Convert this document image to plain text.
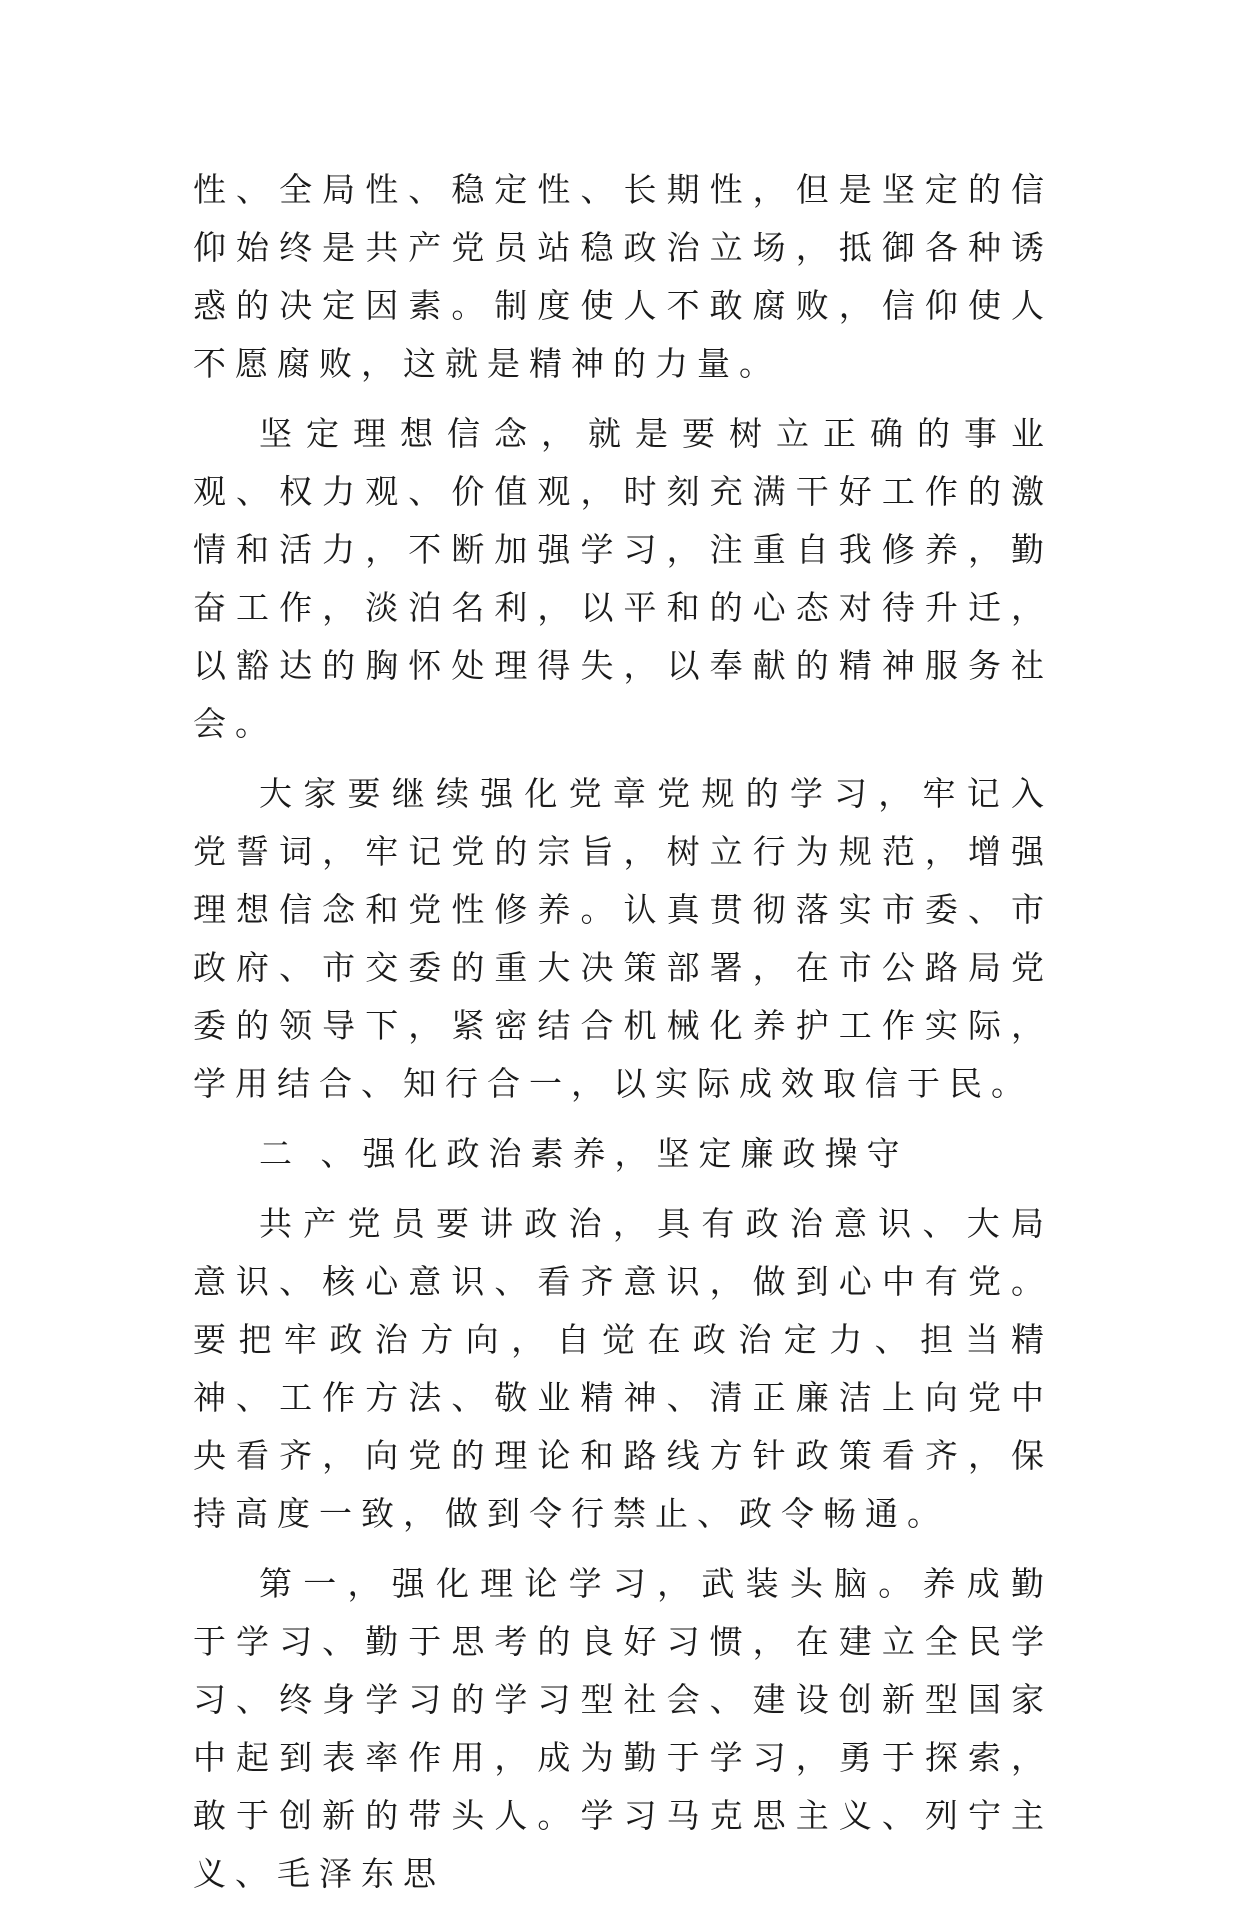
性、全局性、稳定性、长期性，但是坚定的信仰始终是共产党员站稳政治立场，抵御各种诱惑的决定因素。制度使人不敢腐败，信仰使人不愿腐败，这就是精神的力量。

坚定理想信念，就是要树立正确的事业观、权力观、价值观，时刻充满干好工作的激情和活力，不断加强学习，注重自我修养，勤奋工作，淡泊名利，以平和的心态对待升迁，以豁达的胸怀处理得失，以奉献的精神服务社会。

大家要继续强化党章党规的学习，牢记入党誓词，牢记党的宗旨，树立行为规范，增强理想信念和党性修养。认真贯彻落实市委、市政府、市交委的重大决策部署，在市公路局党委的领导下，紧密结合机械化养护工作实际，学用结合、知行合一，以实际成效取信于民。

二 、强化政治素养，坚定廉政操守

共产党员要讲政治，具有政治意识、大局意识、核心意识、看齐意识，做到心中有党。要把牢政治方向，自觉在政治定力、担当精神、工作方法、敬业精神、清正廉洁上向党中央看齐，向党的理论和路线方针政策看齐，保持高度一致，做到令行禁止、政令畅通。

第一，强化理论学习，武装头脑。养成勤于学习、勤于思考的良好习惯，在建立全民学习、终身学习的学习型社会、建设创新型国家中起到表率作用，成为勤于学习，勇于探索，敢于创新的带头人。学习马克思主义、列宁主义、毛泽东思
